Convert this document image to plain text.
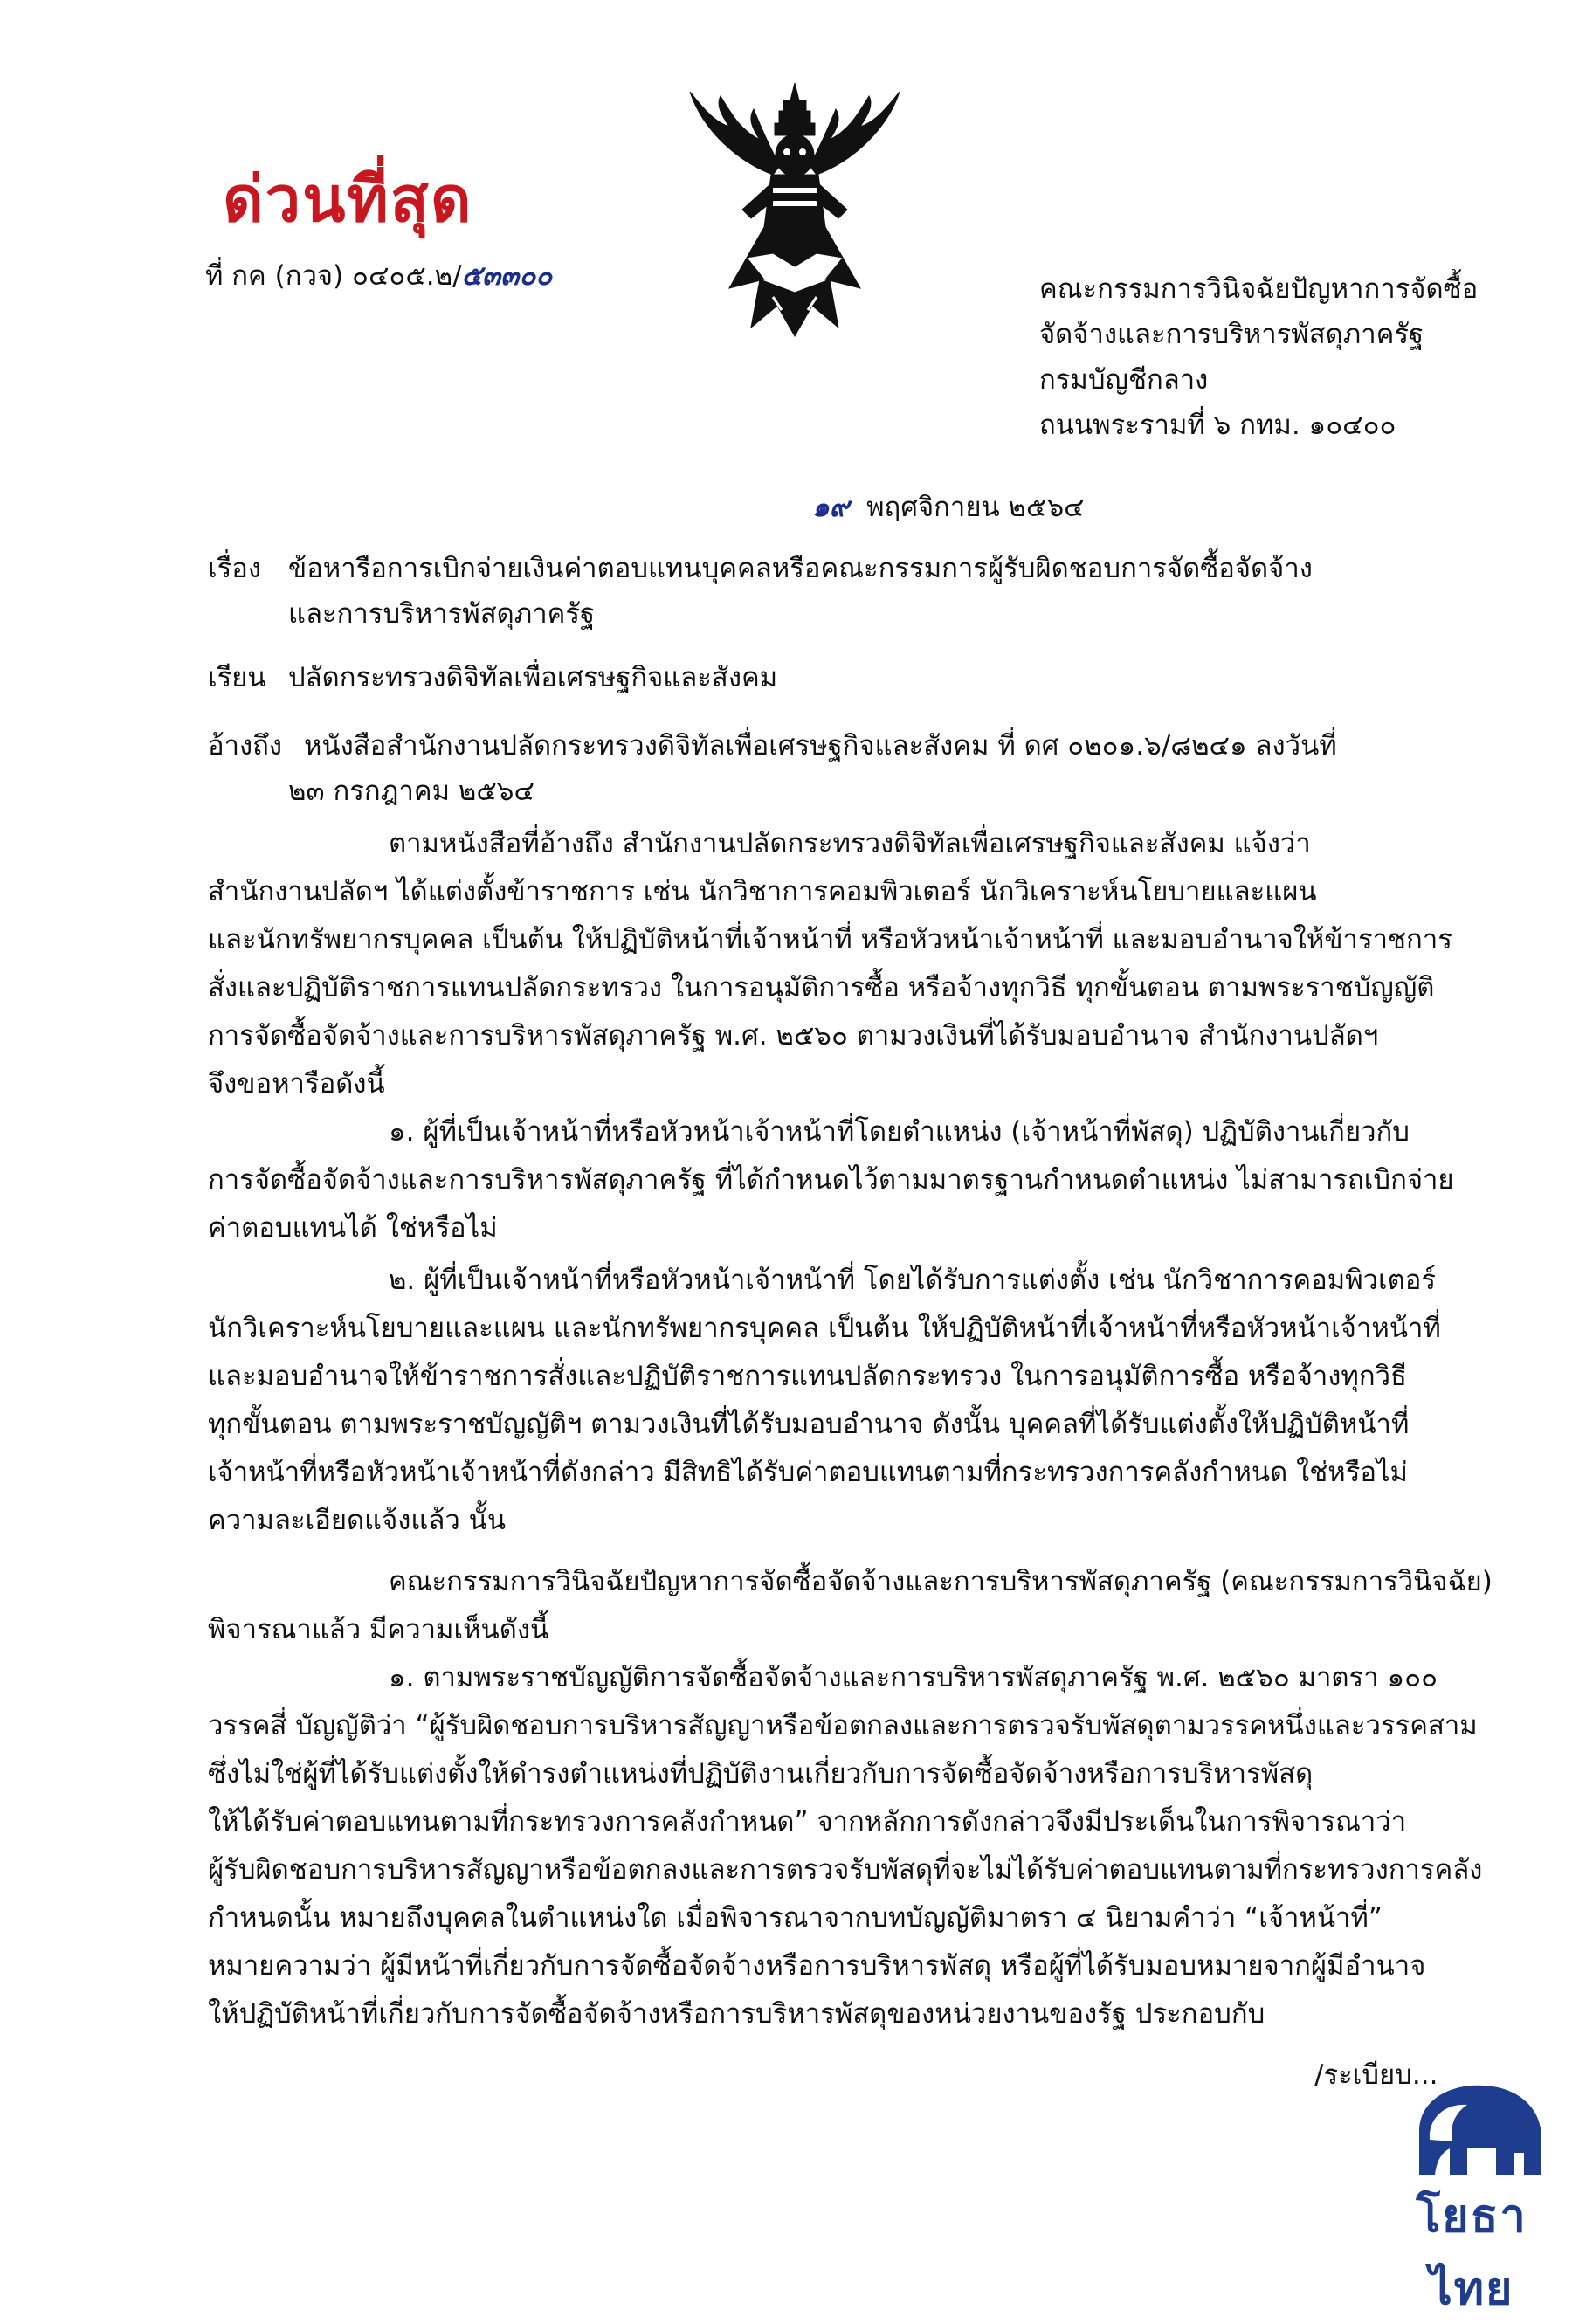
ด่วนที่สุด
ที่ กค (กวจ) ๐๔๐๕.๒/๕๓๓๐๐	คณะกรรมการวินิจฉัยปัญหาการจัดซื้อ
จัดจ้างและการบริหารพัสดุภาครัฐ
กรมบัญชีกลาง
ถนนพระรามที่ ๖ กทม. ๑๐๔๐๐
๑๙ พฤศจิกายน ๒๕๖๔
เรื่อง ข้อหารือการเบิกจ่ายเงินค่าตอบแทนบุคคลหรือคณะกรรมการผู้รับผิดชอบการจัดซื้อจัดจ้าง
และการบริหารพัสดุภาครัฐ
เรียน ปลัดกระทรวงดิจิทัลเพื่อเศรษฐกิจและสังคม
อ้างถึง หนังสือสำนักงานปลัดกระทรวงดิจิทัลเพื่อเศรษฐกิจและสังคม ที่ ดศ ๐๒๐๑.๖/๘๒๔๑ ลงวันที่
๒๓ กรกฎาคม ๒๕๖๔
ตามหนังสือที่อ้างถึง สำนักงานปลัดกระทรวงดิจิทัลเพื่อเศรษฐกิจและสังคม แจ้งว่า
สำนักงานปลัดฯ ได้แต่งตั้งข้าราชการ เช่น นักวิชาการคอมพิวเตอร์ นักวิเคราะห์นโยบายและแผน
และนักทรัพยากรบุคคล เป็นต้น ให้ปฏิบัติหน้าที่เจ้าหน้าที่ หรือหัวหน้าเจ้าหน้าที่ และมอบอำนาจให้ข้าราชการ
สั่งและปฏิบัติราชการแทนปลัดกระทรวง ในการอนุมัติการซื้อ หรือจ้างทุกวิธี ทุกขั้นตอน ตามพระราชบัญญัติ
การจัดซื้อจัดจ้างและการบริหารพัสดุภาครัฐ พ.ศ. ๒๕๖๐ ตามวงเงินที่ได้รับมอบอำนาจ สำนักงานปลัดฯ
จึงขอหารือดังนี้
๑. ผู้ที่เป็นเจ้าหน้าที่หรือหัวหน้าเจ้าหน้าที่โดยตำแหน่ง (เจ้าหน้าที่พัสดุ) ปฏิบัติงานเกี่ยวกับ
การจัดซื้อจัดจ้างและการบริหารพัสดุภาครัฐ ที่ได้กำหนดไว้ตามมาตรฐานกำหนดตำแหน่ง ไม่สามารถเบิกจ่าย
ค่าตอบแทนได้ ใช่หรือไม่
๒. ผู้ที่เป็นเจ้าหน้าที่หรือหัวหน้าเจ้าหน้าที่ โดยได้รับการแต่งตั้ง เช่น นักวิชาการคอมพิวเตอร์
นักวิเคราะห์นโยบายและแผน และนักทรัพยากรบุคคล เป็นต้น ให้ปฏิบัติหน้าที่เจ้าหน้าที่หรือหัวหน้าเจ้าหน้าที่
และมอบอำนาจให้ข้าราชการสั่งและปฏิบัติราชการแทนปลัดกระทรวง ในการอนุมัติการซื้อ หรือจ้างทุกวิธี
ทุกขั้นตอน ตามพระราชบัญญัติฯ ตามวงเงินที่ได้รับมอบอำนาจ ดังนั้น บุคคลที่ได้รับแต่งตั้งให้ปฏิบัติหน้าที่
เจ้าหน้าที่หรือหัวหน้าเจ้าหน้าที่ดังกล่าว มีสิทธิได้รับค่าตอบแทนตามที่กระทรวงการคลังกำหนด ใช่หรือไม่
ความละเอียดแจ้งแล้ว นั้น
คณะกรรมการวินิจฉัยปัญหาการจัดซื้อจัดจ้างและการบริหารพัสดุภาครัฐ (คณะกรรมการวินิจฉัย)
พิจารณาแล้ว มีความเห็นดังนี้
๑. ตามพระราชบัญญัติการจัดซื้อจัดจ้างและการบริหารพัสดุภาครัฐ พ.ศ. ๒๕๖๐ มาตรา ๑๐๐
วรรคสี่ บัญญัติว่า “ผู้รับผิดชอบการบริหารสัญญาหรือข้อตกลงและการตรวจรับพัสดุตามวรรคหนึ่งและวรรคสาม
ซึ่งไม่ใช่ผู้ที่ได้รับแต่งตั้งให้ดำรงตำแหน่งที่ปฏิบัติงานเกี่ยวกับการจัดซื้อจัดจ้างหรือการบริหารพัสดุ
ให้ได้รับค่าตอบแทนตามที่กระทรวงการคลังกำหนด” จากหลักการดังกล่าวจึงมีประเด็นในการพิจารณาว่า
ผู้รับผิดชอบการบริหารสัญญาหรือข้อตกลงและการตรวจรับพัสดุที่จะไม่ได้รับค่าตอบแทนตามที่กระทรวงการคลัง
กำหนดนั้น หมายถึงบุคคลในตำแหน่งใด เมื่อพิจารณาจากบทบัญญัติมาตรา ๔ นิยามคำว่า “เจ้าหน้าที่”
หมายความว่า ผู้มีหน้าที่เกี่ยวกับการจัดซื้อจัดจ้างหรือการบริหารพัสดุ หรือผู้ที่ได้รับมอบหมายจากผู้มีอำนาจ
ให้ปฏิบัติหน้าที่เกี่ยวกับการจัดซื้อจัดจ้างหรือการบริหารพัสดุของหน่วยงานของรัฐ ประกอบกับ
/ระเบียบ...
โยธาไทย
